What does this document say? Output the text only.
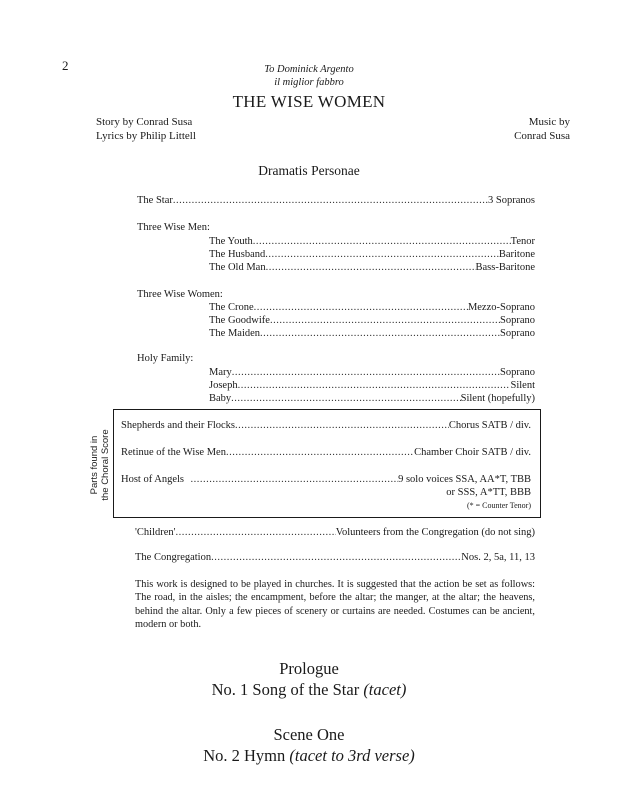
2	To Dominick Argento
il miglior fabbro
THE WISE WOMEN
Story by Conrad Susa
Lyrics by Philip Littell
Music by
Conrad Susa
Dramatis Personae
The Star .....	3 Sopranos
Three Wise Men:
The Youth .....	Tenor
The Husband .....	Baritone
The Old Man .....	Bass-Baritone
Three Wise Women:
The Crone .....	Mezzo-Soprano
The Goodwife .....	Soprano
The Maiden .....	Soprano
Holy Family:
Mary .....	Soprano
Joseph .....	Silent
Baby .....	Silent (hopefully)
Parts found in
the Choral Score
Shepherds and their Flocks .....	Chorus SATB / div.
Retinue of the Wise Men .....	Chamber Choir SATB / div.
Host of Angels .....	9 solo voices SSA, AA*T, TBB
or SSS, A*TT, BBB
(* = Counter Tenor)
'Children' .....	Volunteers from the Congregation (do not sing)
The Congregation .....	Nos. 2, 5a, 11, 13
This work is designed to be played in churches. It is suggested that the action be set as follows: The road, in the aisles; the encampment, before the altar; the manger, at the altar; the heavens, behind the altar. Only a few pieces of scenery or curtains are needed. Costumes can be ancient, modern or both.
Prologue
No. 1 Song of the Star (tacet)
Scene One
No. 2 Hymn (tacet to 3rd verse)
